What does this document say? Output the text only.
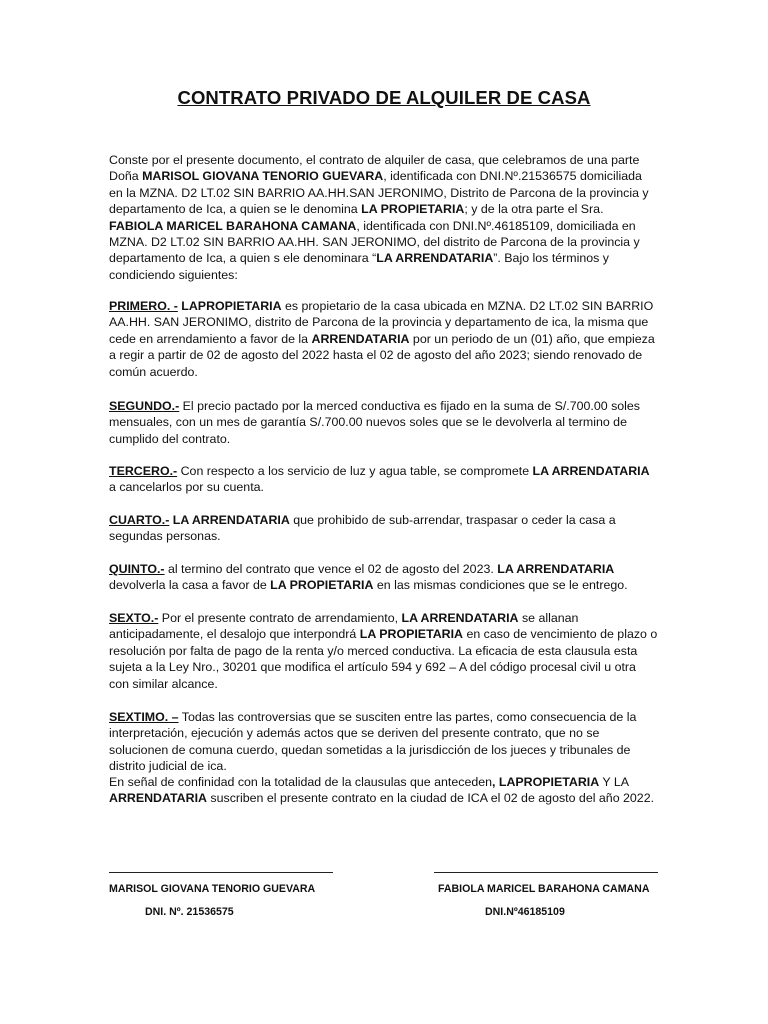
CONTRATO PRIVADO DE ALQUILER DE CASA

Conste por el presente documento, el contrato de alquiler de casa, que celebramos de una parte Doña MARISOL GIOVANA TENORIO GUEVARA, identificada con DNI.Nº.21536575 domiciliada en la MZNA. D2 LT.02 SIN BARRIO AA.HH.SAN JERONIMO, Distrito de Parcona de la provincia y departamento de Ica, a quien se le denomina LA PROPIETARIA; y de la otra parte el Sra. FABIOLA MARICEL BARAHONA CAMANA, identificada con DNI.Nº.46185109, domiciliada en MZNA. D2 LT.02 SIN BARRIO AA.HH. SAN JERONIMO, del distrito de Parcona de la provincia y departamento de Ica, a quien s ele denominara “LA ARRENDATARIA”. Bajo los términos y condiciendo siguientes:

PRIMERO. - LAPROPIETARIA es propietario de la casa ubicada en MZNA. D2 LT.02 SIN BARRIO AA.HH. SAN JERONIMO, distrito de Parcona de la provincia y departamento de ica, la misma que cede en arrendamiento a favor de la ARRENDATARIA por un periodo de un (01) año, que empieza a regir a partir de 02 de agosto del 2022 hasta el 02 de agosto del año 2023; siendo renovado de común acuerdo.

SEGUNDO.- El precio pactado por la merced conductiva es fijado en la suma de S/.700.00 soles mensuales, con un mes de garantía S/.700.00 nuevos soles que se le devolverla al termino de cumplido del contrato.

TERCERO.- Con respecto a los servicio de luz y agua table, se compromete LA ARRENDATARIA a cancelarlos por su cuenta.

CUARTO.- LA ARRENDATARIA que prohibido de sub-arrendar, traspasar o ceder la casa a segundas personas.

QUINTO.- al termino del contrato que vence el 02 de agosto del 2023. LA ARRENDATARIA devolverla la casa a favor de LA PROPIETARIA en las mismas condiciones que se le entrego.

SEXTO.- Por el presente contrato de arrendamiento, LA ARRENDATARIA se allanan anticipadamente, el desalojo que interpondrá LA PROPIETARIA en caso de vencimiento de plazo o resolución por falta de pago de la renta y/o merced conductiva. La eficacia de esta clausula esta sujeta a la Ley Nro., 30201 que modifica el artículo 594 y 692 – A del código procesal civil u otra con similar alcance.

SEXTIMO. – Todas las controversias que se susciten entre las partes, como consecuencia de la interpretación, ejecución y además actos que se deriven del presente contrato, que no se solucionen de comuna cuerdo, quedan sometidas a la jurisdicción de los jueces y tribunales de distrito judicial de ica.

En señal de confinidad con la totalidad de la clausulas que anteceden, LAPROPIETARIA Y LA ARRENDATARIA suscriben el presente contrato en la ciudad de ICA el 02 de agosto del año 2022.

MARISOL GIOVANA TENORIO GUEVARA	FABIOLA MARICEL BARAHONA CAMANA
DNI. Nº. 21536575	DNI.Nº46185109
